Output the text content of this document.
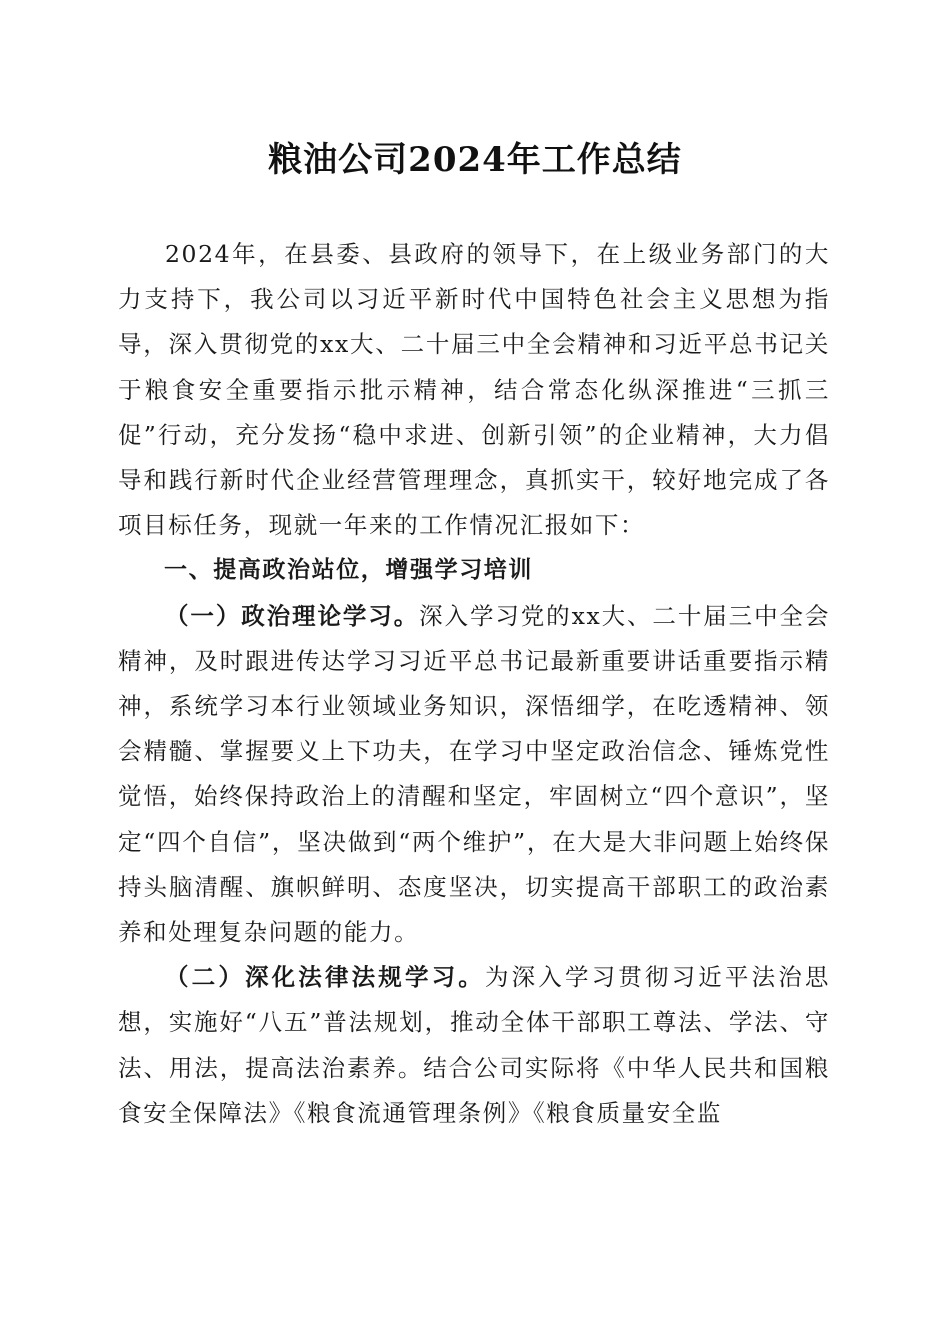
粮油公司2024年工作总结

2024年，在县委、县政府的领导下，在上级业务部门的大力支持下，我公司以习近平新时代中国特色社会主义思想为指导，深入贯彻党的xx大、二十届三中全会精神和习近平总书记关于粮食安全重要指示批示精神，结合常态化纵深推进“三抓三促”行动，充分发扬“稳中求进、创新引领”的企业精神，大力倡导和践行新时代企业经营管理理念，真抓实干，较好地完成了各项目标任务，现就一年来的工作情况汇报如下：

一、提高政治站位，增强学习培训

（一）政治理论学习。深入学习党的xx大、二十届三中全会精神，及时跟进传达学习习近平总书记最新重要讲话重要指示精神，系统学习本行业领域业务知识，深悟细学，在吃透精神、领会精髓、掌握要义上下功夫，在学习中坚定政治信念、锤炼党性觉悟，始终保持政治上的清醒和坚定，牢固树立“四个意识”，坚定“四个自信”，坚决做到“两个维护”，在大是大非问题上始终保持头脑清醒、旗帜鲜明、态度坚决，切实提高干部职工的政治素养和处理复杂问题的能力。

（二）深化法律法规学习。为深入学习贯彻习近平法治思想，实施好“八五”普法规划，推动全体干部职工尊法、学法、守法、用法，提高法治素养。结合公司实际将《中华人民共和国粮食安全保障法》《粮食流通管理条例》《粮食质量安全监
